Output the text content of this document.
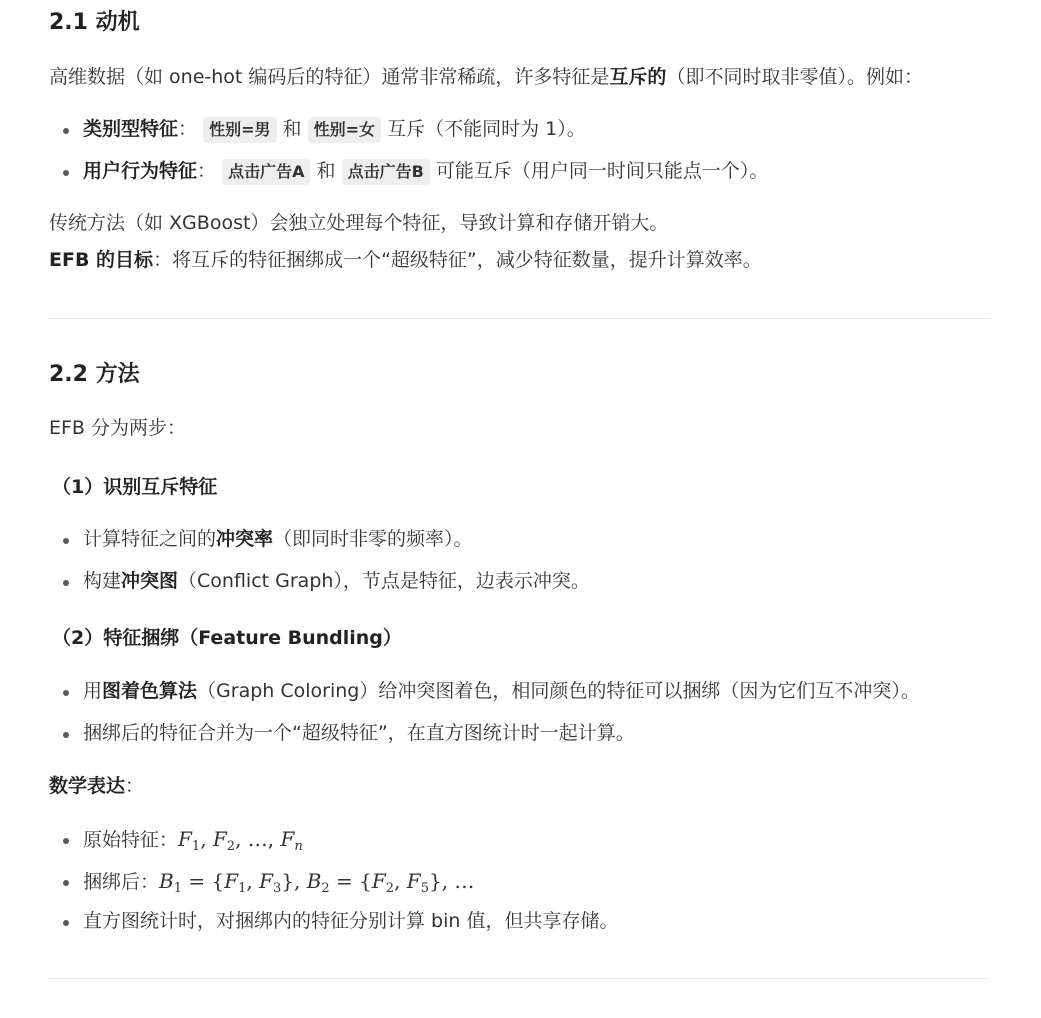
2.1 动机
高维数据（如 one-hot 编码后的特征）通常非常稀疏，许多特征是互斥的（即不同时取非零值）。例如：
类别型特征： 性别=男 和 性别=女 互斥（不能同时为 1）。
用户行为特征： 点击广告A 和 点击广告B 可能互斥（用户同一时间只能点一个）。
传统方法（如 XGBoost）会独立处理每个特征，导致计算和存储开销大。
EFB 的目标：将互斥的特征捆绑成一个“超级特征”，减少特征数量，提升计算效率。
2.2 方法
EFB 分为两步：
（1）识别互斥特征
计算特征之间的冲突率（即同时非零的频率）。
构建冲突图（Conflict Graph），节点是特征，边表示冲突。
（2）特征捆绑（Feature Bundling）
用图着色算法（Graph Coloring）给冲突图着色，相同颜色的特征可以捆绑（因为它们互不冲突）。
捆绑后的特征合并为一个“超级特征”，在直方图统计时一起计算。
数学表达：
原始特征：$F_1$, $F_2$, …, $F_n$
捆绑后：$B_1 = \{F_1$, $F_3$}, $B_2 = \{F_2$, $F_5$}, …
直方图统计时，对捆绑内的特征分别计算 bin 值，但共享存储。
